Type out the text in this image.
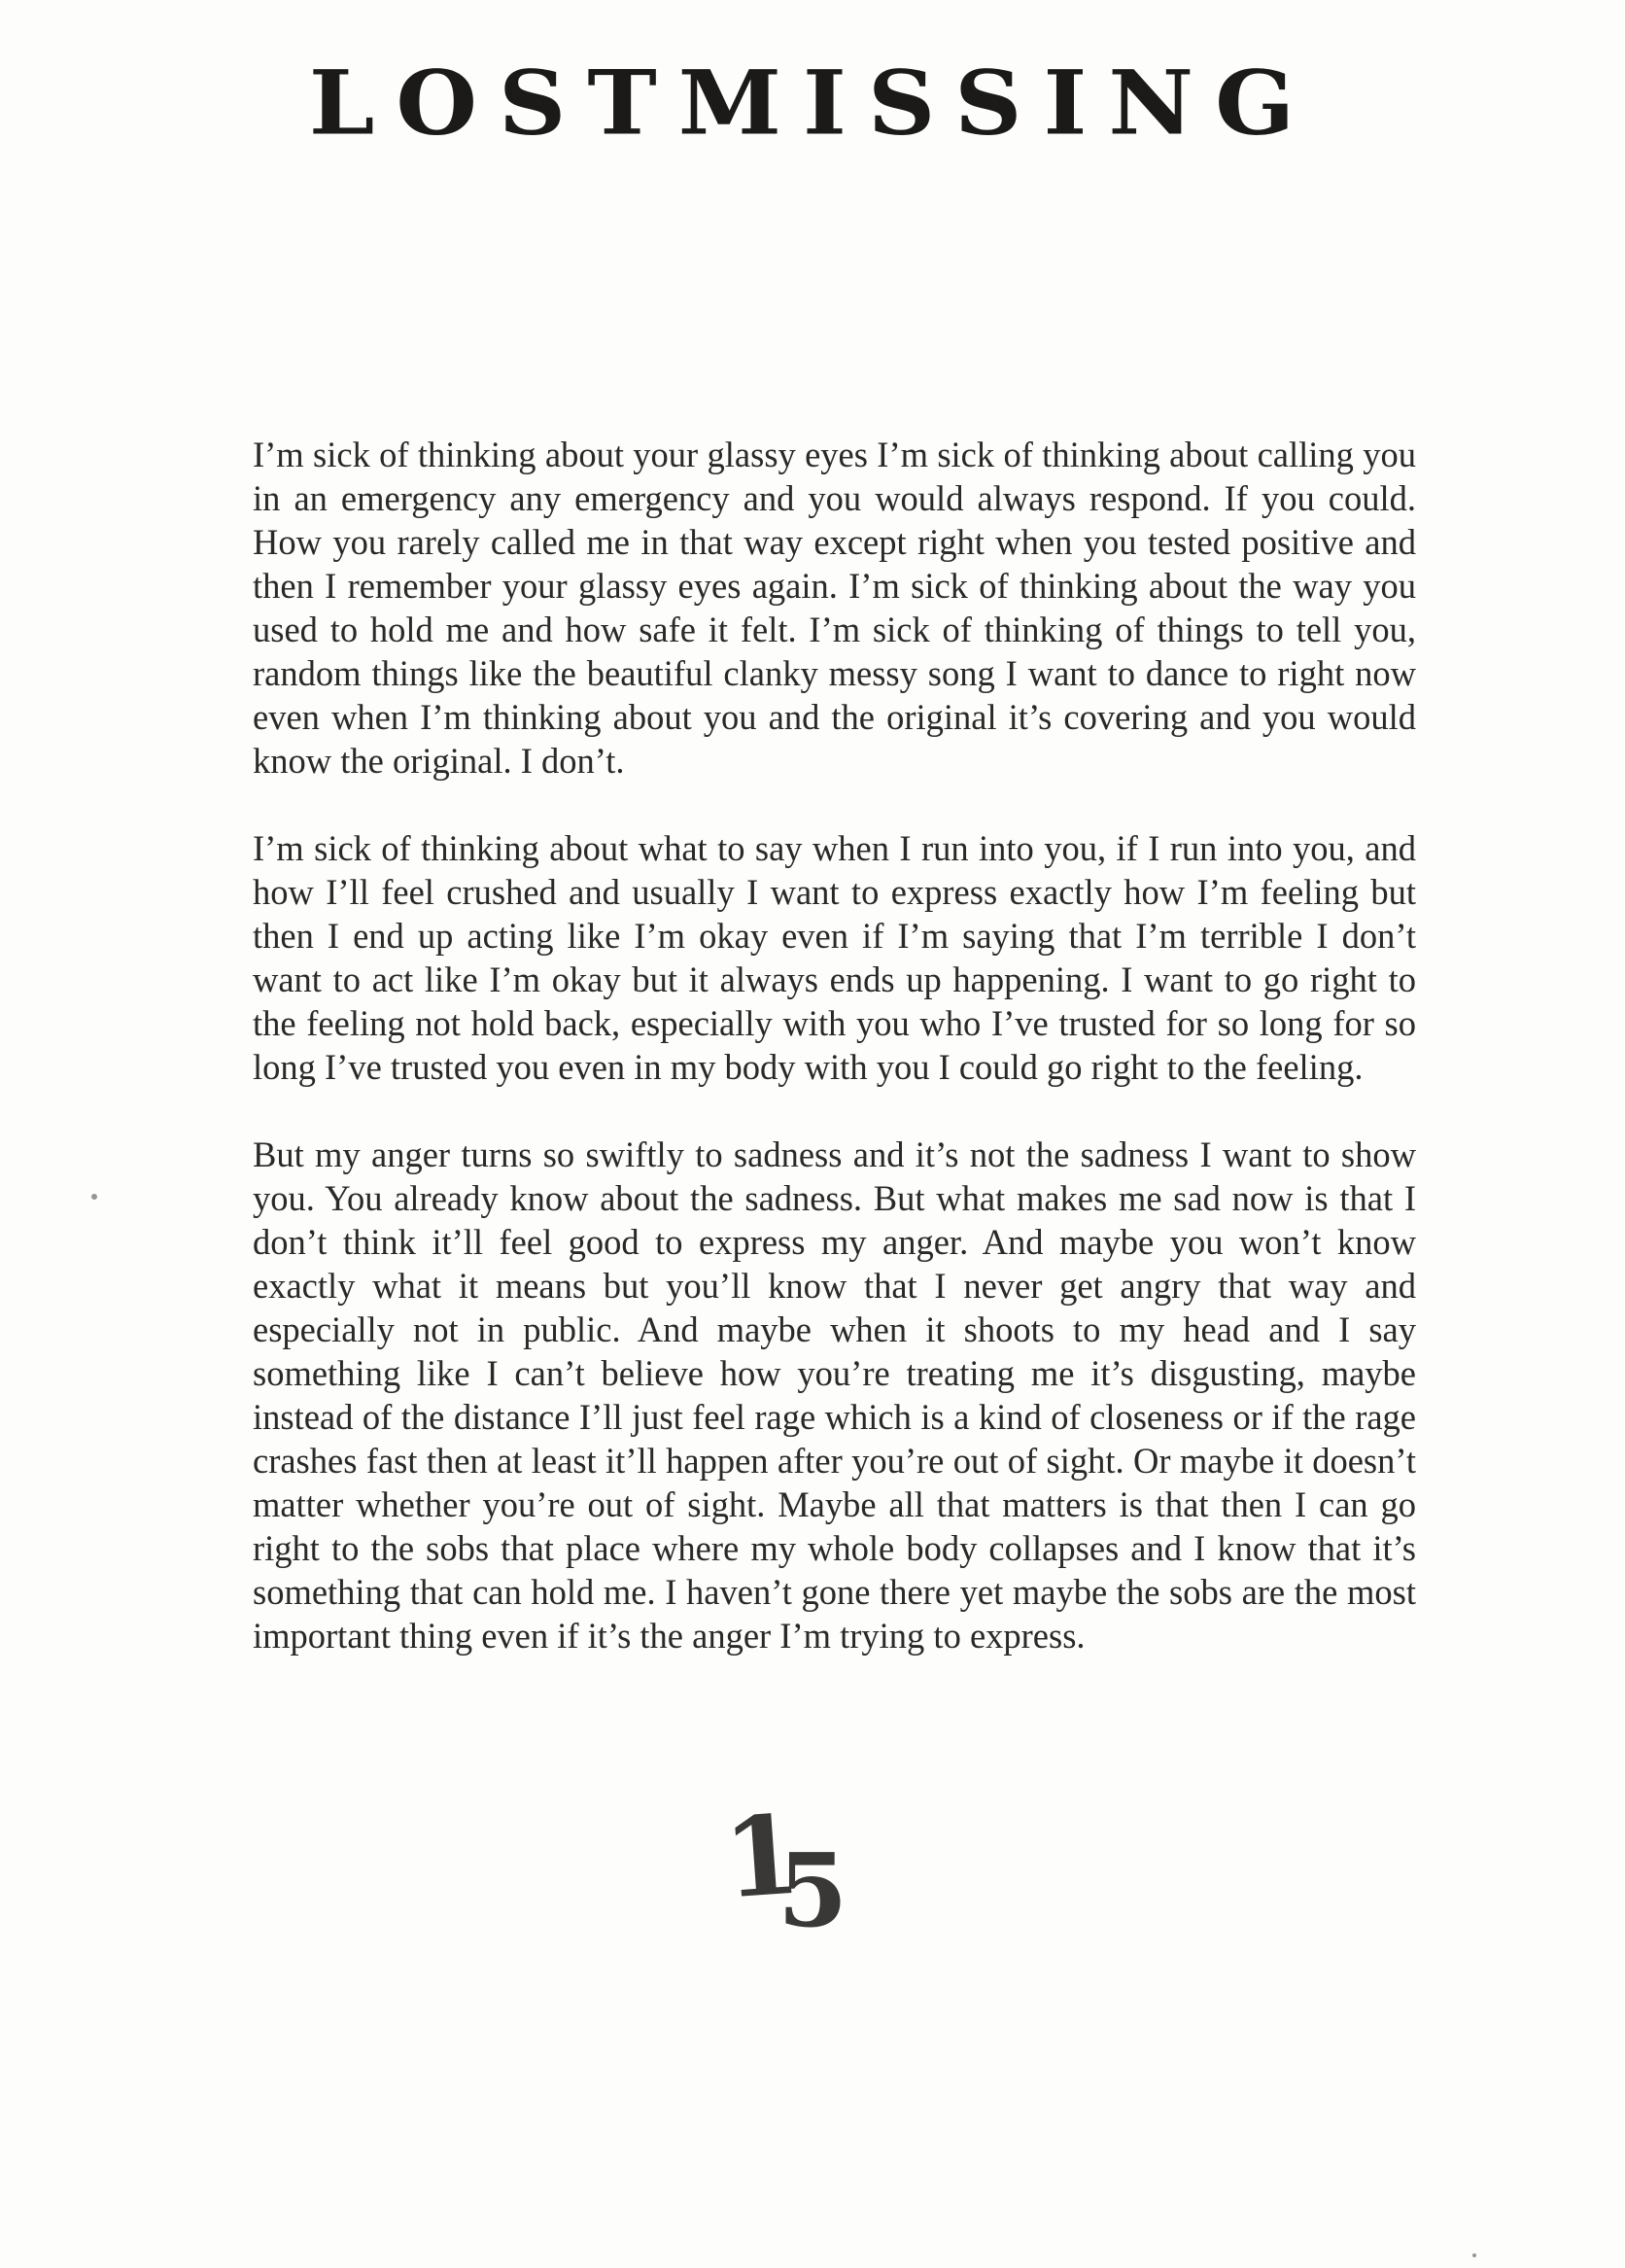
LOSTMISSING

I’m sick of thinking about your glassy eyes I’m sick of thinking about calling you in an emergency any emergency and you would always respond. If you could. How you rarely called me in that way except right when you tested positive and then I remember your glassy eyes again. I’m sick of thinking about the way you used to hold me and how safe it felt. I’m sick of thinking of things to tell you, random things like the beautiful clanky messy song I want to dance to right now even when I’m thinking about you and the original it’s covering and you would know the original. I don’t.

I’m sick of thinking about what to say when I run into you, if I run into you, and how I’ll feel crushed and usually I want to express exactly how I’m feeling but then I end up acting like I’m okay even if I’m saying that I’m terrible I don’t want to act like I’m okay but it always ends up happening. I want to go right to the feeling not hold back, especially with you who I’ve trusted for so long for so long I’ve trusted you even in my body with you I could go right to the feeling.

But my anger turns so swiftly to sadness and it’s not the sadness I want to show you. You already know about the sadness. But what makes me sad now is that I don’t think it’ll feel good to express my anger. And maybe you won’t know exactly what it means but you’ll know that I never get angry that way and especially not in public. And maybe when it shoots to my head and I say something like I can’t believe how you’re treating me it’s disgusting, maybe instead of the distance I’ll just feel rage which is a kind of closeness or if the rage crashes fast then at least it’ll happen after you’re out of sight. Or maybe it doesn’t matter whether you’re out of sight. Maybe all that matters is that then I can go right to the sobs that place where my whole body collapses and I know that it’s something that can hold me. I haven’t gone there yet maybe the sobs are the most important thing even if it’s the anger I’m trying to express.

1
5
